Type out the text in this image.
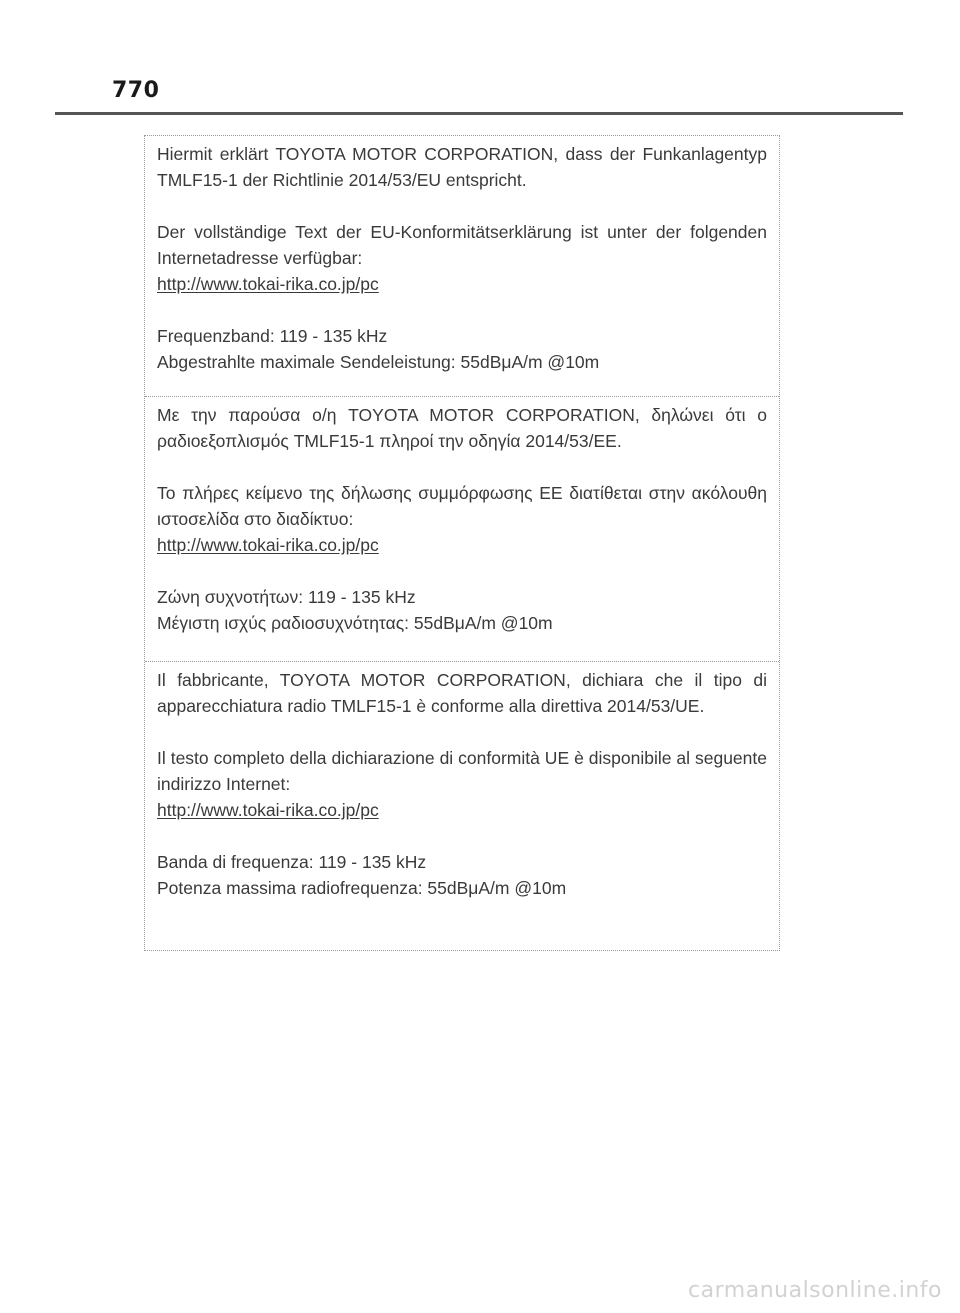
770

Hiermit erklärt TOYOTA MOTOR CORPORATION, dass der Funkanlagentyp TMLF15-1 der Richtlinie 2014/53/EU entspricht.

Der vollständige Text der EU-Konformitätserklärung ist unter der folgenden Internetadresse verfügbar:
http://www.tokai-rika.co.jp/pc

Frequenzband: 119 - 135 kHz
Abgestrahlte maximale Sendeleistung: 55dBμA/m @10m

Με την παρούσα ο/η TOYOTA MOTOR CORPORATION, δηλώνει ότι ο ραδιοεξοπλισμός TMLF15-1 πληροί την οδηγία 2014/53/ΕΕ.

Το πλήρες κείμενο της δήλωσης συμμόρφωσης ΕΕ διατίθεται στην ακόλουθη ιστοσελίδα στο διαδίκτυο:
http://www.tokai-rika.co.jp/pc

Ζώνη συχνοτήτων: 119 - 135 kHz
Μέγιστη ισχύς ραδιοσυχνότητας: 55dBμA/m @10m

Il fabbricante, TOYOTA MOTOR CORPORATION, dichiara che il tipo di apparecchiatura radio TMLF15-1 è conforme alla direttiva 2014/53/UE.

Il testo completo della dichiarazione di conformità UE è disponibile al seguente indirizzo Internet:
http://www.tokai-rika.co.jp/pc

Banda di frequenza: 119 - 135 kHz
Potenza massima radiofrequenza: 55dBμA/m @10m

carmanualsonline.info
